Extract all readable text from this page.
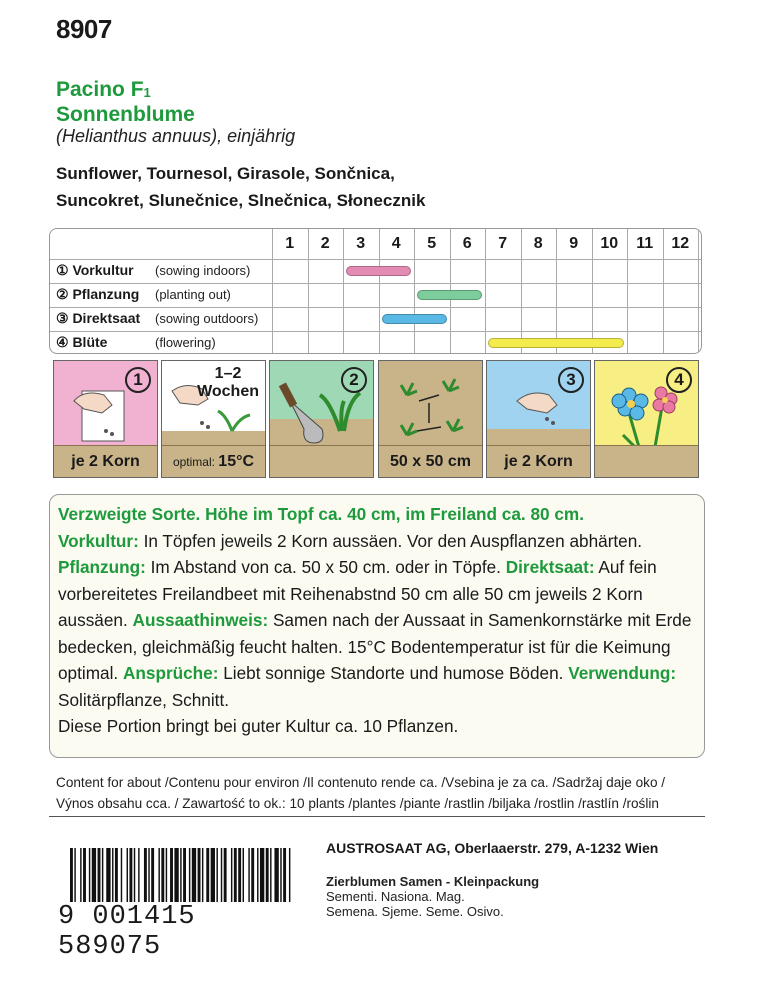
8907
Pacino $F_1$
Sonnenblume
(Helianthus annuus), einjährig
Sunflower, Tournesol, Girasole, Sončnica,
Suncokret, Slunečnice, Slnečnica, Słonecznik
1	2	3	4	5	6	7	8	9	10	11	12
① Vorkultur (sowing indoors)
② Pflanzung (planting out)
③ Direktsaat (sowing outdoors)
④ Blüte	(flowering)
1
je 2 Korn
1–2
Wochen
optimal: 15°C
2
50 x 50 cm
3
je 2 Korn
4
Verzweigte Sorte. Höhe im Topf ca. 40 cm, im Freiland ca. 80 cm.
Vorkultur: In Töpfen jeweils 2 Korn aussäen. Vor den Auspflanzen abhärten.
Pflanzung: Im Abstand von ca. 50 x 50 cm. oder in Töpfe. Direktsaat: Auf fein vorbereitetes Freilandbeet mit Reihenabstnd 50 cm alle 50 cm jeweils 2 Korn aussäen. Aussaathinweis: Samen nach der Aussaat in Samenkornstärke mit Erde bedecken, gleichmäßig feucht halten. 15°C Bodentemperatur ist für die Keimung optimal. Ansprüche: Liebt sonnige Standorte und humose Böden. Verwendung: Solitärpflanze, Schnitt.
Diese Portion bringt bei guter Kultur ca. 10 Pflanzen.
Content for about /Contenu pour environ /Il contenuto rende ca. /Vsebina je za ca. /Sadržaj daje oko /
Výnos obsahu cca. / Zawartość to ok.: 10 plants /plantes /piante /rastlin /biljaka /rostlin /rastlín /roślin
9 001415 589075
AUSTROSAAT AG, Oberlaaerstr. 279, A-1232 Wien
Zierblumen Samen - Kleinpackung
Sementi. Nasiona. Mag.
Semena. Sjeme. Seme. Osivo.
